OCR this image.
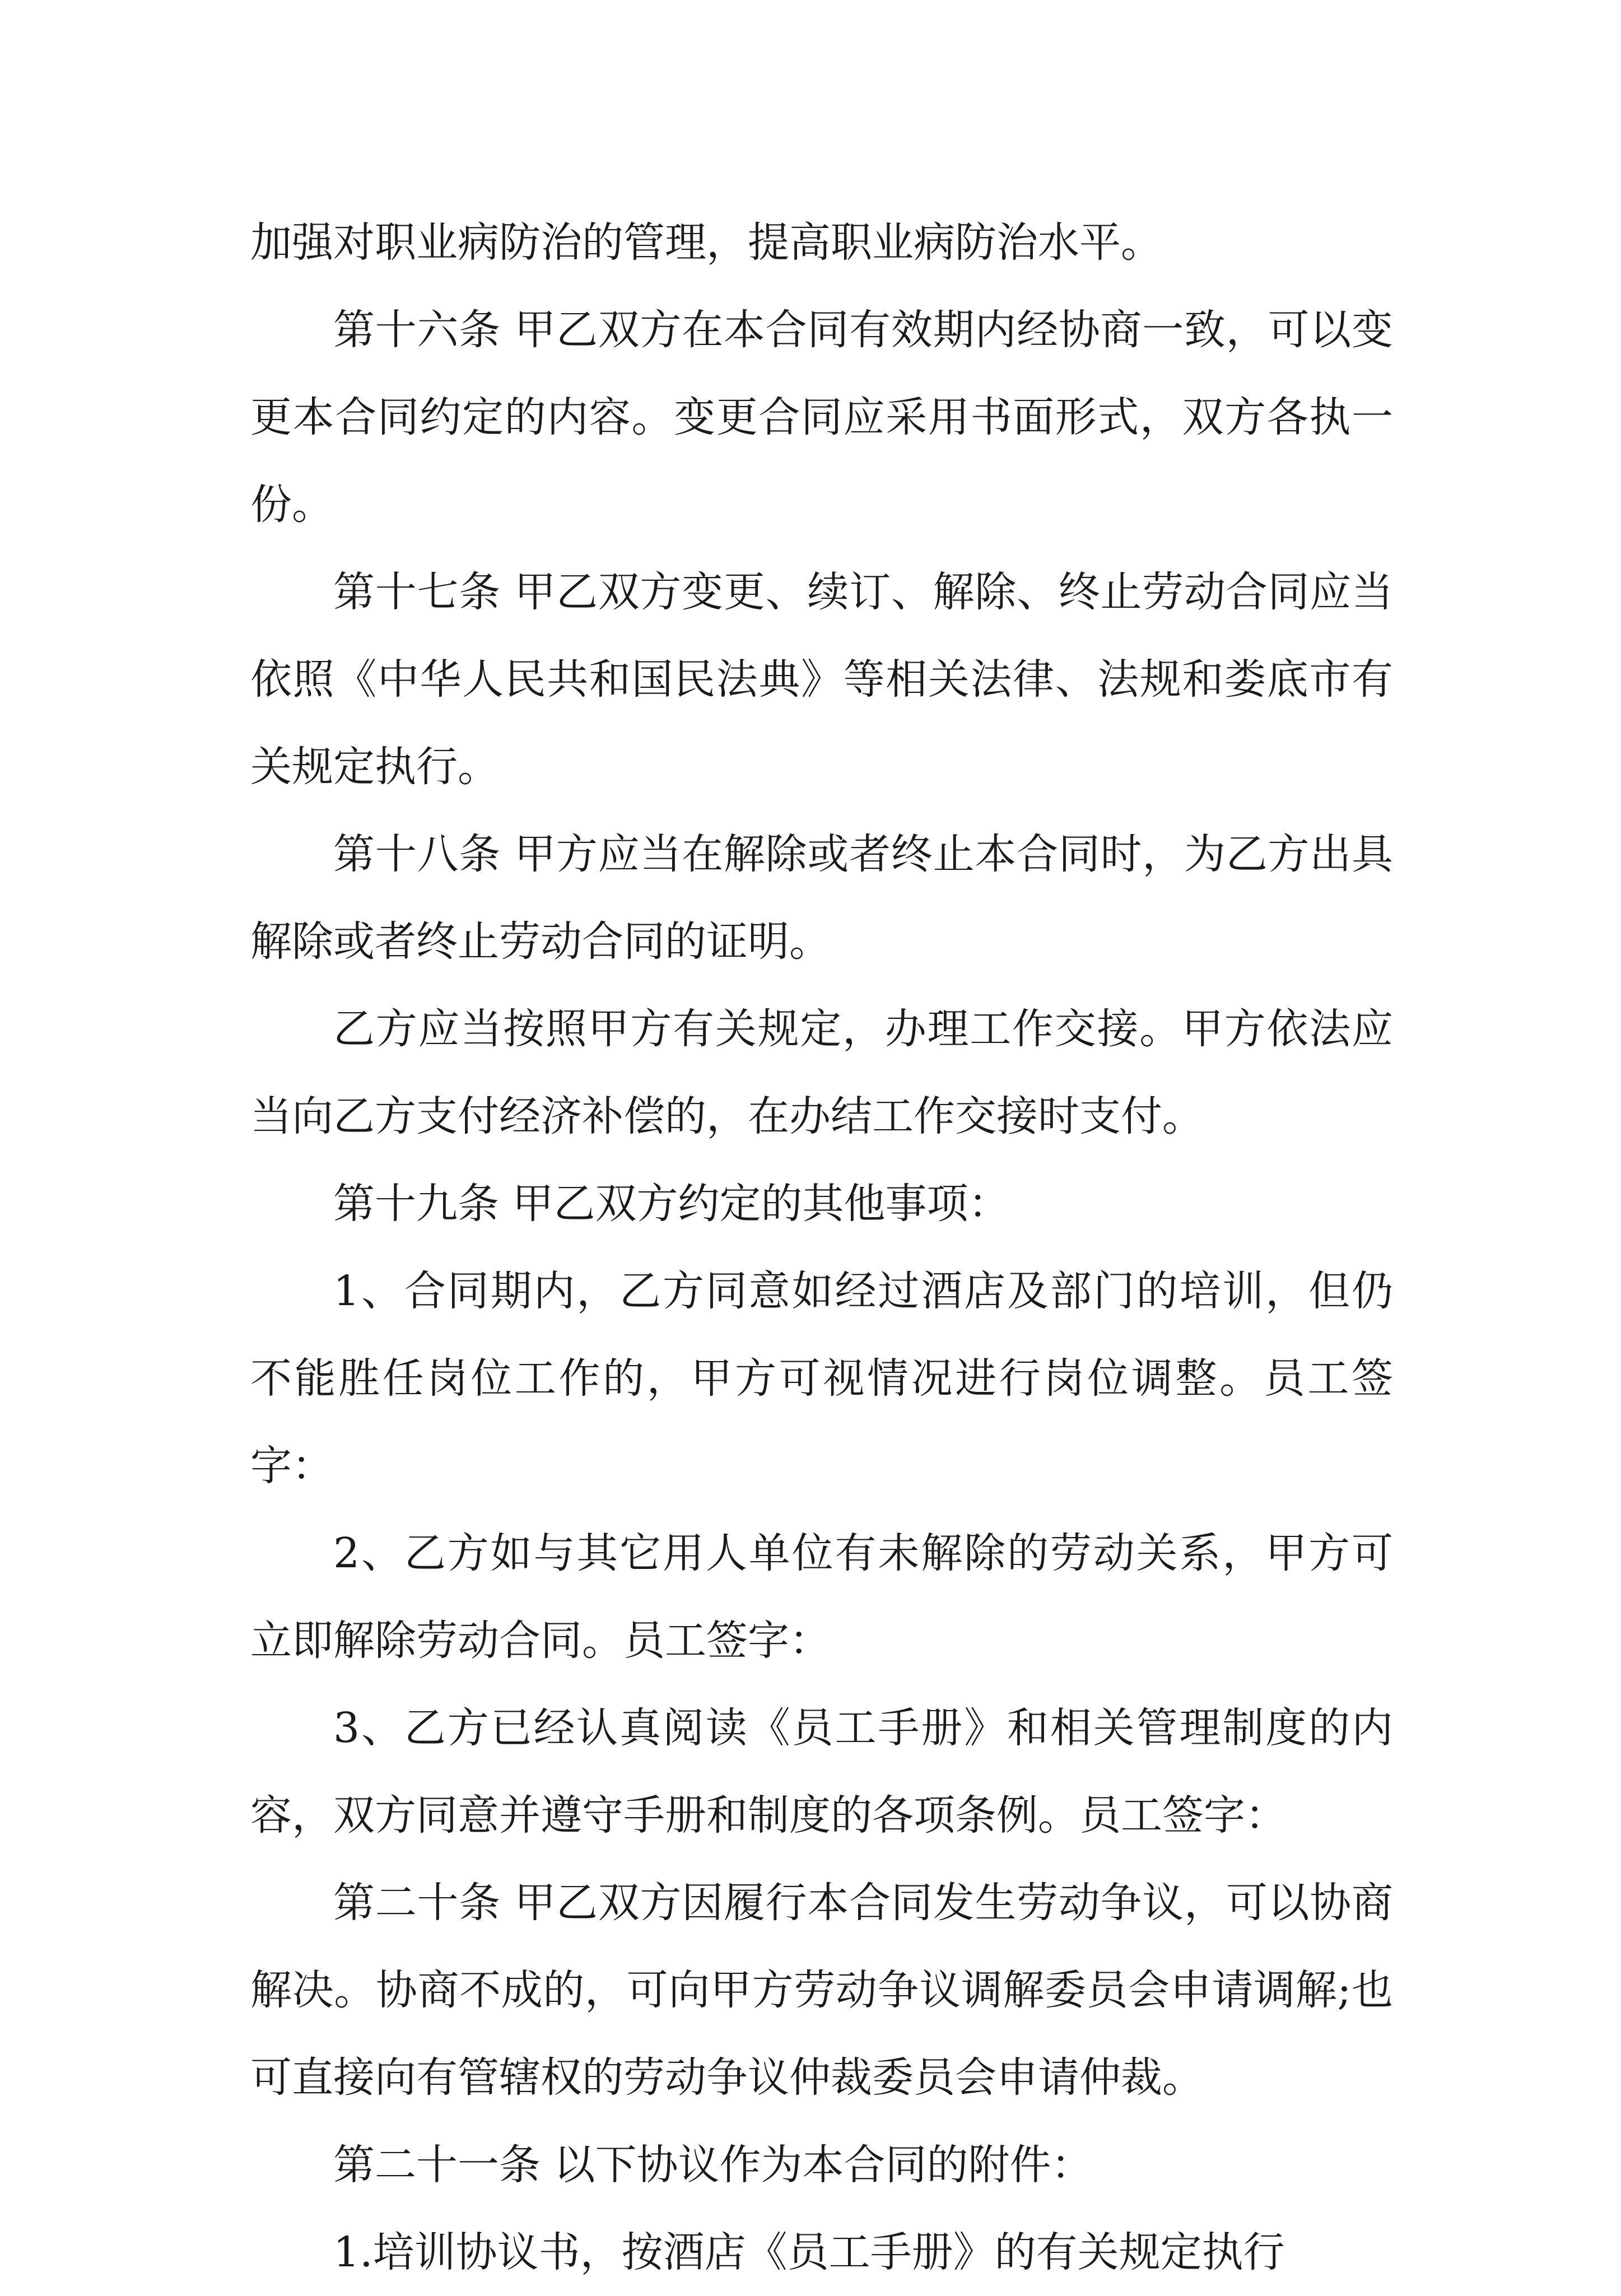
加强对职业病防治的管理，提高职业病防治水平。

第十六条 甲乙双方在本合同有效期内经协商一致，可以变更本合同约定的内容。变更合同应采用书面形式，双方各执一份。

第十七条 甲乙双方变更、续订、解除、终止劳动合同应当依照《中华人民共和国民法典》等相关法律、法规和娄底市有关规定执行。

第十八条 甲方应当在解除或者终止本合同时，为乙方出具解除或者终止劳动合同的证明。

乙方应当按照甲方有关规定，办理工作交接。甲方依法应当向乙方支付经济补偿的，在办结工作交接时支付。

第十九条 甲乙双方约定的其他事项：

1、合同期内，乙方同意如经过酒店及部门的培训，但仍不能胜任岗位工作的，甲方可视情况进行岗位调整。员工签字：

2、乙方如与其它用人单位有未解除的劳动关系，甲方可立即解除劳动合同。员工签字：

3、乙方已经认真阅读《员工手册》和相关管理制度的内容，双方同意并遵守手册和制度的各项条例。员工签字：

第二十条 甲乙双方因履行本合同发生劳动争议，可以协商解决。协商不成的，可向甲方劳动争议调解委员会申请调解;也可直接向有管辖权的劳动争议仲裁委员会申请仲裁。

第二十一条 以下协议作为本合同的附件：

1.培训协议书，按酒店《员工手册》的有关规定执行
